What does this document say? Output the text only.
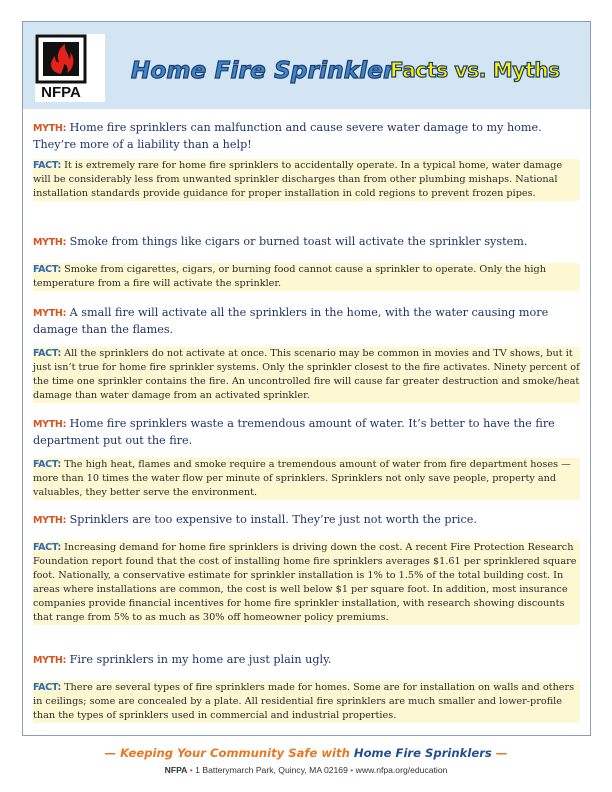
NFPA
Home Fire Sprinkler
Facts vs. Myths
MYTH: Home fire sprinklers can malfunction and cause severe water damage to my home. They’re more of a liability than a help!
FACT: It is extremely rare for home fire sprinklers to accidentally operate. In a typical home, water damage will be considerably less from unwanted sprinkler discharges than from other plumbing mishaps. National installation standards provide guidance for proper installation in cold regions to prevent frozen pipes.
MYTH: Smoke from things like cigars or burned toast will activate the sprinkler system.
FACT: Smoke from cigarettes, cigars, or burning food cannot cause a sprinkler to operate. Only the high temperature from a fire will activate the sprinkler.
MYTH: A small fire will activate all the sprinklers in the home, with the water causing more damage than the flames.
FACT: All the sprinklers do not activate at once. This scenario may be common in movies and TV shows, but it just isn’t true for home fire sprinkler systems. Only the sprinkler closest to the fire activates. Ninety percent of the time one sprinkler contains the fire. An uncontrolled fire will cause far greater destruction and smoke/heat damage than water damage from an activated sprinkler.
MYTH: Home fire sprinklers waste a tremendous amount of water. It’s better to have the fire department put out the fire.
FACT: The high heat, flames and smoke require a tremendous amount of water from fire department hoses — more than 10 times the water flow per minute of sprinklers. Sprinklers not only save people, property and valuables, they better serve the environment.
MYTH: Sprinklers are too expensive to install. They’re just not worth the price.
FACT: Increasing demand for home fire sprinklers is driving down the cost. A recent Fire Protection Research Foundation report found that the cost of installing home fire sprinklers averages $1.61 per sprinklered square foot. Nationally, a conservative estimate for sprinkler installation is 1% to 1.5% of the total building cost. In areas where installations are common, the cost is well below $1 per square foot. In addition, most insurance companies provide financial incentives for home fire sprinkler installation, with research showing discounts that range from 5% to as much as 30% off homeowner policy premiums.
MYTH: Fire sprinklers in my home are just plain ugly.
FACT: There are several types of fire sprinklers made for homes. Some are for installation on walls and others in ceilings; some are concealed by a plate. All residential fire sprinklers are much smaller and lower-profile than the types of sprinklers used in commercial and industrial properties.
— Keeping Your Community Safe with Home Fire Sprinklers —
NFPA • 1 Batterymarch Park, Quincy, MA 02169 • www.nfpa.org/education
